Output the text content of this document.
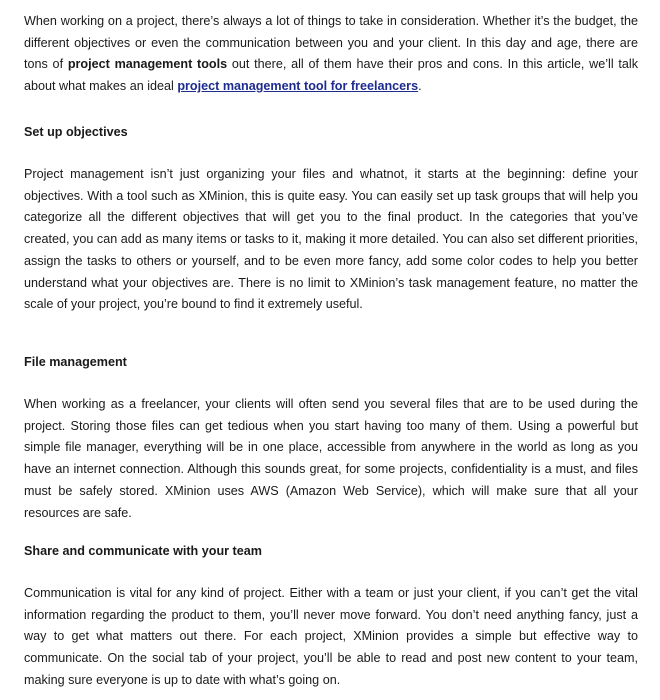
When working on a project, there’s always a lot of things to take in consideration. Whether it’s the budget, the different objectives or even the communication between you and your client. In this day and age, there are tons of project management tools out there, all of them have their pros and cons. In this article, we’ll talk about what makes an ideal project management tool for freelancers.

Set up objectives

Project management isn’t just organizing your files and whatnot, it starts at the beginning: define your objectives. With a tool such as XMinion, this is quite easy. You can easily set up task groups that will help you categorize all the different objectives that will get you to the final product. In the categories that you’ve created, you can add as many items or tasks to it, making it more detailed. You can also set different priorities, assign the tasks to others or yourself, and to be even more fancy, add some color codes to help you better understand what your objectives are. There is no limit to XMinion’s task management feature, no matter the scale of your project, you’re bound to find it extremely useful.

File management

When working as a freelancer, your clients will often send you several files that are to be used during the project. Storing those files can get tedious when you start having too many of them. Using a powerful but simple file manager, everything will be in one place, accessible from anywhere in the world as long as you have an internet connection. Although this sounds great, for some projects, confidentiality is a must, and files must be safely stored. XMinion uses AWS (Amazon Web Service), which will make sure that all your resources are safe.

Share and communicate with your team

Communication is vital for any kind of project. Either with a team or just your client, if you can’t get the vital information regarding the product to them, you’ll never move forward. You don’t need anything fancy, just a way to get what matters out there. For each project, XMinion provides a simple but effective way to communicate. On the social tab of your project, you’ll be able to read and post new content to your team, making sure everyone is up to date with what’s going on.
